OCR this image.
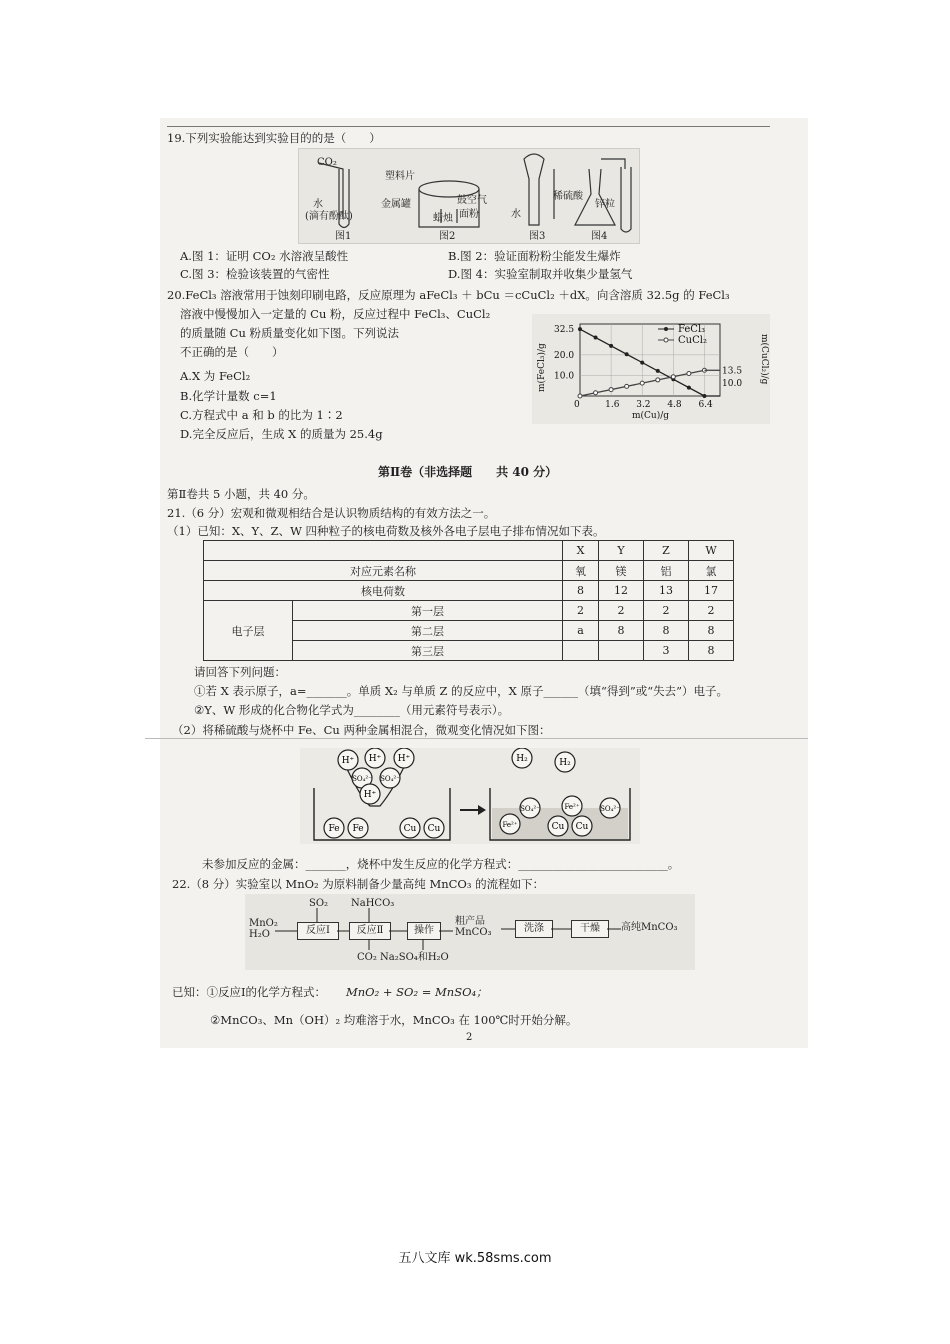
19.下列实验能达到实验目的的是（　　）
CO₂
水
(滴有酚酞)
塑料片
金属罐	鼓空气
面粉
蜡烛	水
稀硫酸
锌粒
图1	图2	图3	图4
A.图 1：证明 CO₂ 水溶液呈酸性	B.图 2：验证面粉粉尘能发生爆炸
C.图 3：检验该装置的气密性	D.图 4：实验室制取并收集少量氢气
20.FeCl₃ 溶液常用于蚀刻印刷电路，反应原理为 aFeCl₃ ＋ bCu ＝cCuCl₂ ＋dX。向含溶质 32.5g 的 FeCl₃
溶液中慢慢加入一定量的 Cu 粉，反应过程中 FeCl₃、CuCl₂
的质量随 Cu 粉质量变化如下图。下列说法
不正确的是（　　）
A.X 为 FeCl₂
B.化学计量数 c=1
C.方程式中 a 和 b 的比为 1∶2
D.完全反应后，生成 X 的质量为 25.4g
FeCl₃
CuCl₂
0	1.6 3.2 4.8 6.4
32.5
20.0
10.0
13.5
10.0
m(Cu)/g
m(FeCl₃)/g	m(CuCl₂)/g
第Ⅱ卷（非选择题　　共 40 分）
第Ⅱ卷共 5 小题，共 40 分。
21.（6 分）宏观和微观相结合是认识物质结构的有效方法之一。
（1）已知：X、Y、Z、W 四种粒子的核电荷数及核外各电子层电子排布情况如下表。
		X	Y	Z	W
对应元素名称		氧	镁	铝	氯
核电荷数		8	12	13	17
电子层	第一层	2	2	2	2
	第二层	a	8	8	8
	第三层			3	8
请回答下列问题：
①若 X 表示原子，a=_______。单质 X₂ 与单质 Z 的反应中，X 原子______（填“得到”或“失去”）电子。
②Y、W 形成的化合物化学式为________（用元素符号表示）。
（2）将稀硫酸与烧杯中 Fe、Cu 两种金属相混合，微观变化情况如下图：
H⁺ H⁺ H⁺
SO₄²⁻ SO₄²⁻
H⁺
Fe Fe	Cu Cu
H₂	H₂
SO₄²⁻	Fe²⁺	SO₄²⁻
Fe²⁺	Cu Cu
未参加反应的金属：_______，烧杯中发生反应的化学方程式：__________________________。
22.（8 分）实验室以 MnO₂ 为原料制备少量高纯 MnCO₃ 的流程如下：
MnO₂
H₂O
SO₂ NaHCO₃
反应Ⅰ	反应Ⅱ	操作
粗产品
MnCO₃	洗涤	干燥	高纯MnCO₃
CO₂ Na₂SO₄和H₂O
已知：①反应Ⅰ的化学方程式： MnO₂ + SO₂ = MnSO₄；
②MnCO₃、Mn（OH）₂ 均难溶于水，MnCO₃ 在 100℃时开始分解。
2
五八文库 wk.58sms.com
